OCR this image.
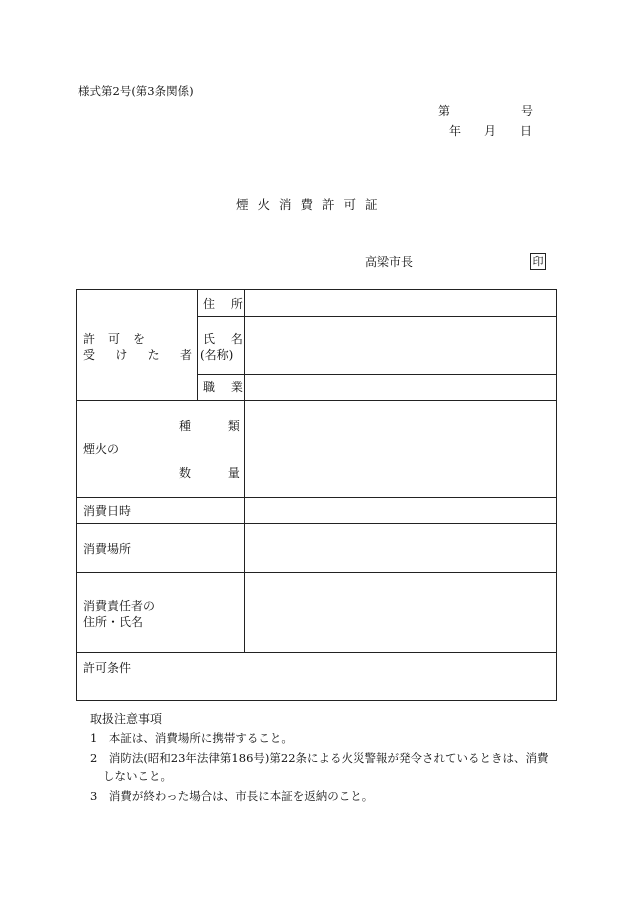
様式第2号(第3条関係)
第	号
年 月 日
煙火消費許可証
高梁市長	印
許 可 を
受 け た 者
住 所
氏 名
(名称)
職 業
煙火の
種 類
数 量
消費日時
消費場所
消費責任者の
住所・氏名
許可条件
取扱注意事項
1　本証は、消費場所に携帯すること。
2　消防法(昭和23年法律第186号)第22条による火災警報が発令されているときは、消費
しないこと。
3　消費が終わった場合は、市長に本証を返納のこと。
